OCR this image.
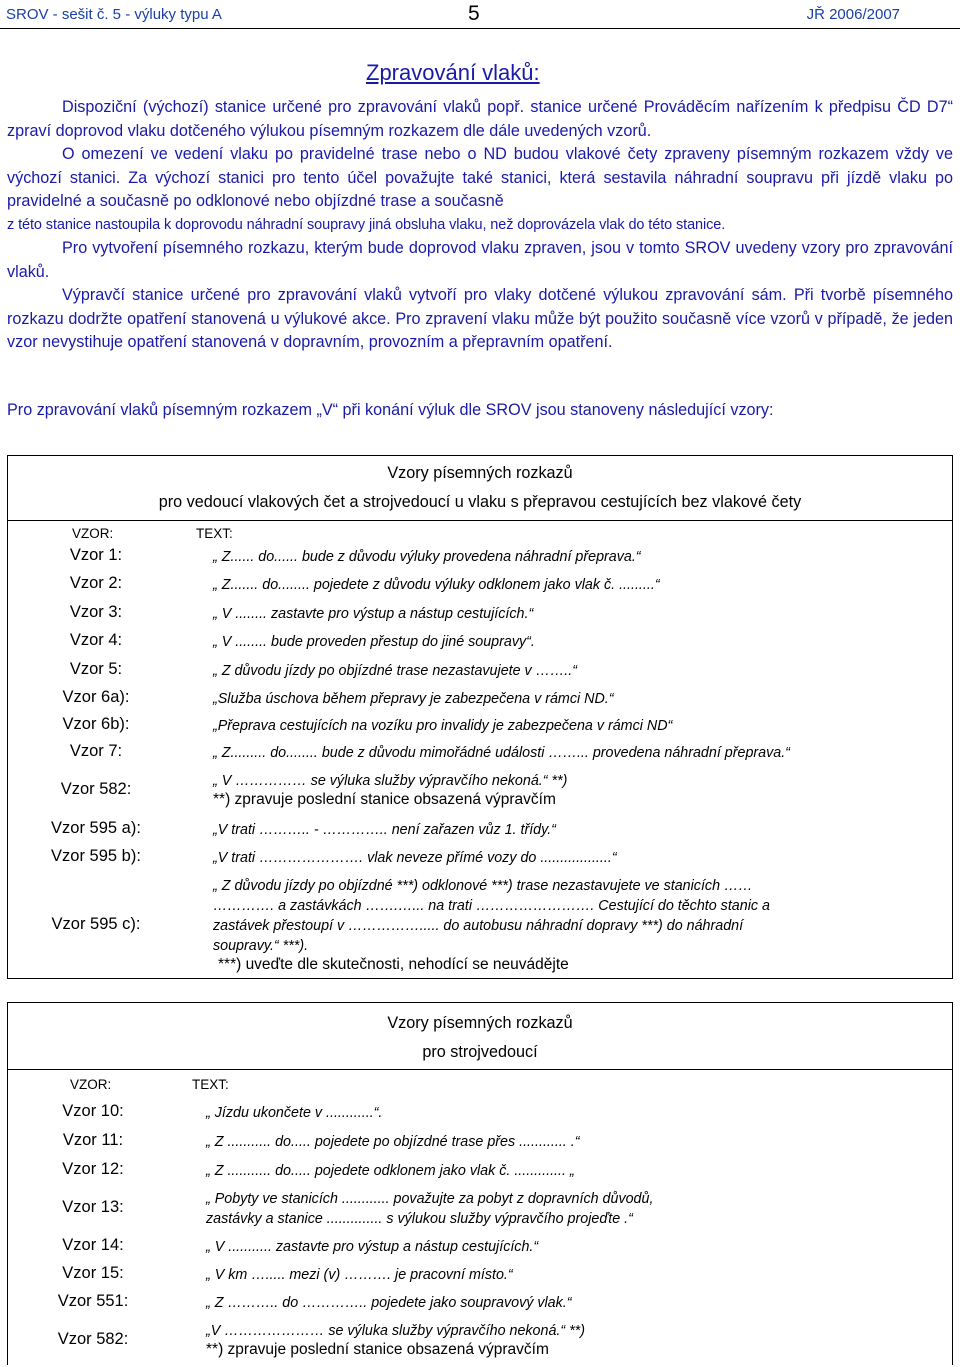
SROV - sešit č. 5 - výluky typu A	5	JŘ 2006/2007
Zpravování vlaků:

Dispoziční (výchozí) stanice určené pro zpravování vlaků popř. stanice určené Prováděcím nařízením k předpisu ČD D7“ zpraví doprovod vlaku dotčeného výlukou písemným rozkazem dle dále uvedených vzorů.

O omezení ve vedení vlaku po pravidelné trase nebo o ND budou vlakové čety zpraveny písemným rozkazem vždy ve výchozí stanici. Za výchozí stanici pro tento účel považujte také stanici, která sestavila náhradní soupravu při jízdě vlaku po pravidelné a současně po odklonové nebo objízdné trase a současně

z této stanice nastoupila k doprovodu náhradní soupravy jiná obsluha vlaku, než doprovázela vlak do této stanice.

Pro vytvoření písemného rozkazu, kterým bude doprovod vlaku zpraven, jsou v tomto SROV uvedeny vzory pro zpravování vlaků.

Výpravčí stanice určené pro zpravování vlaků vytvoří pro vlaky dotčené výlukou zpravování sám. Při tvorbě písemného rozkazu dodržte opatření stanovená u výlukové akce. Pro zpravení vlaku může být použito současně více vzorů v případě, že jeden vzor nevystihuje opatření stanovená v dopravním, provozním a přepravním opatření.

Pro zpravování vlaků písemným rozkazem „V“ při konání výluk dle SROV jsou stanoveny následující vzory:
Vzory písemných rozkazů
pro vedoucí vlakových čet a strojvedoucí u vlaku s přepravou cestujících bez vlakové čety
VZOR:	TEXT:
Vzor 1:	„ Z...... do...... bude z důvodu výluky provedena náhradní přeprava.“
Vzor 2:	„ Z....... do........ pojedete z důvodu výluky odklonem jako vlak č. .........“
Vzor 3:	„ V ........ zastavte pro výstup a nástup cestujících.“
Vzor 4:	„ V ........ bude proveden přestup do jiné soupravy“.
Vzor 5:	„ Z důvodu jízdy po objízdné trase nezastavujete v ……..“
Vzor 6a):	„Služba úschova během přepravy je zabezpečena v rámci ND.“
Vzor 6b):	„Přeprava cestujících na vozíku pro invalidy je zabezpečena v rámci ND“
Vzor 7:	„ Z......... do........ bude z důvodu mimořádné události ……... provedena náhradní přeprava.“
Vzor 582:	„ V …………… se výluka služby výpravčího nekoná.“ **)
**) zpravuje poslední stanice obsazená výpravčím
Vzor 595 a):	„V trati ……….. - ………….. není zařazen vůz 1. třídy.“
Vzor 595 b):	„V trati …………………. vlak neveze přímé vozy do ..................“
Vzor 595 c):
„ Z důvodu jízdy po objízdné ***) odklonové ***) trase nezastavujete ve stanicích ……
…………. a zastávkách …….…... na trati ……………………. Cestující do těchto stanic a
zastávek přestoupí v ……………..... do autobusu náhradní dopravy ***) do náhradní
soupravy.“ ***).
***) uveďte dle skutečnosti, nehodící se neuvádějte
Vzory písemných rozkazů
pro strojvedoucí
VZOR:	TEXT:
Vzor 10:	„ Jízdu ukončete v ............“.
Vzor 11:	„ Z ........... do..... pojedete po objízdné trase přes ............ .“
Vzor 12:	„ Z ........... do..... pojedete odklonem jako vlak č. ............. „
Vzor 13:	„ Pobyty ve stanicích ............ považujte za pobyt z dopravních důvodů,
zastávky a stanice .............. s výlukou služby výpravčího projeďte .“
Vzor 14:	„ V ........... zastavte pro výstup a nástup cestujících.“
Vzor 15:	„ V km …..... mezi (v) ………. je pracovní místo.“
Vzor 551:	„ Z ……….. do ………….. pojedete jako soupravový vlak.“
Vzor 582:	„V ………………… se výluka služby výpravčího nekoná.“ **)
**) zpravuje poslední stanice obsazená výpravčím
